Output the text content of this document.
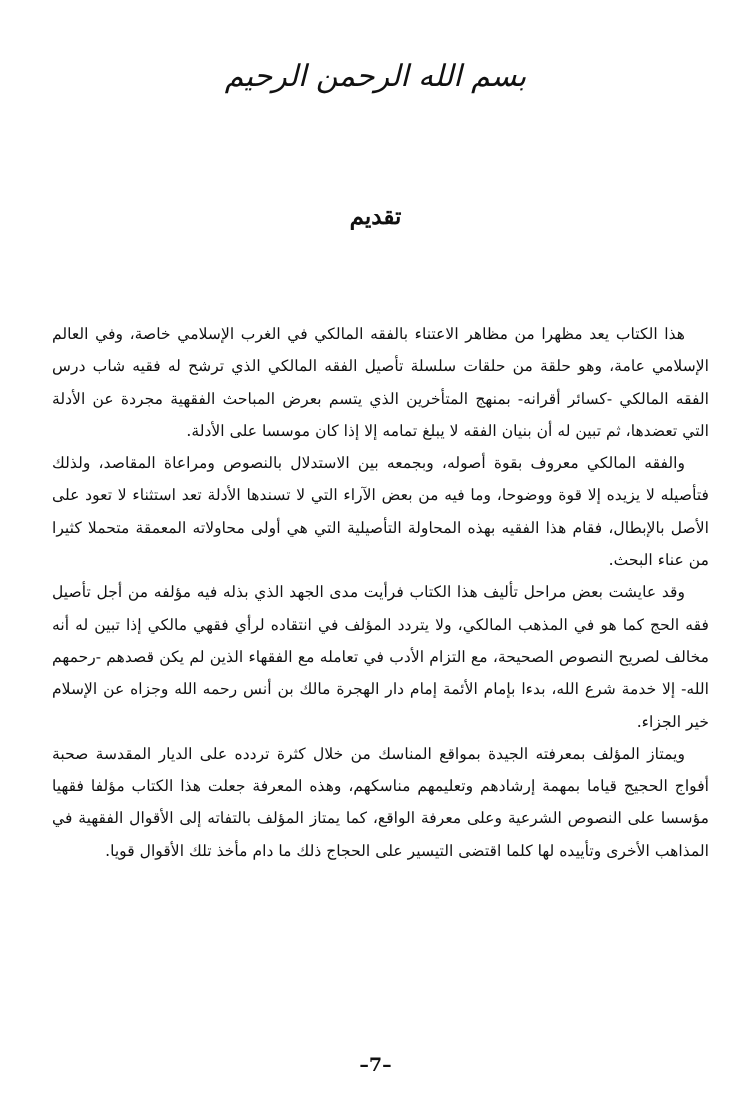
بسم الله الرحمن الرحيم
تقديم

هذا الكتاب يعد مظهرا من مظاهر الاعتناء بالفقه المالكي في الغرب الإسلامي خاصة، وفي العالم الإسلامي عامة، وهو حلقة من حلقات سلسلة تأصيل الفقه المالكي الذي ترشح له فقيه شاب درس الفقه المالكي -كسائر أقرانه- بمنهج المتأخرين الذي يتسم بعرض المباحث الفقهية مجردة عن الأدلة التي تعضدها، ثم تبين له أن بنيان الفقه لا يبلغ تمامه إلا إذا كان موسسا على الأدلة.

والفقه المالكي معروف بقوة أصوله، وبجمعه بين الاستدلال بالنصوص ومراعاة المقاصد، ولذلك فتأصيله لا يزيده إلا قوة ووضوحا، وما فيه من بعض الآراء التي لا تسندها الأدلة تعد استثناء لا تعود على الأصل بالإبطال، فقام هذا الفقيه بهذه المحاولة التأصيلية التي هي أولى محاولاته المعمقة متحملا كثيرا من عناء البحث.

وقد عايشت بعض مراحل تأليف هذا الكتاب فرأيت مدى الجهد الذي بذله فيه مؤلفه من أجل تأصيل فقه الحج كما هو في المذهب المالكي، ولا يتردد المؤلف في انتقاده لرأي فقهي مالكي إذا تبين له أنه مخالف لصريح النصوص الصحيحة، مع التزام الأدب في تعامله مع الفقهاء الذين لم يكن قصدهم -رحمهم الله- إلا خدمة شرع الله، بدءا بإمام الأئمة إمام دار الهجرة مالك بن أنس رحمه الله وجزاه عن الإسلام خير الجزاء.

ويمتاز المؤلف بمعرفته الجيدة بمواقع المناسك من خلال كثرة تردده على الديار المقدسة صحبة أفواج الحجيج قياما بمهمة إرشادهم وتعليمهم مناسكهم، وهذه المعرفة جعلت هذا الكتاب مؤلفا فقهيا مؤسسا على النصوص الشرعية وعلى معرفة الواقع، كما يمتاز المؤلف بالتفاته إلى الأقوال الفقهية في المذاهب الأخرى وتأييده لها كلما اقتضى التيسير على الحجاج ذلك ما دام مأخذ تلك الأقوال قويا.

–7–
